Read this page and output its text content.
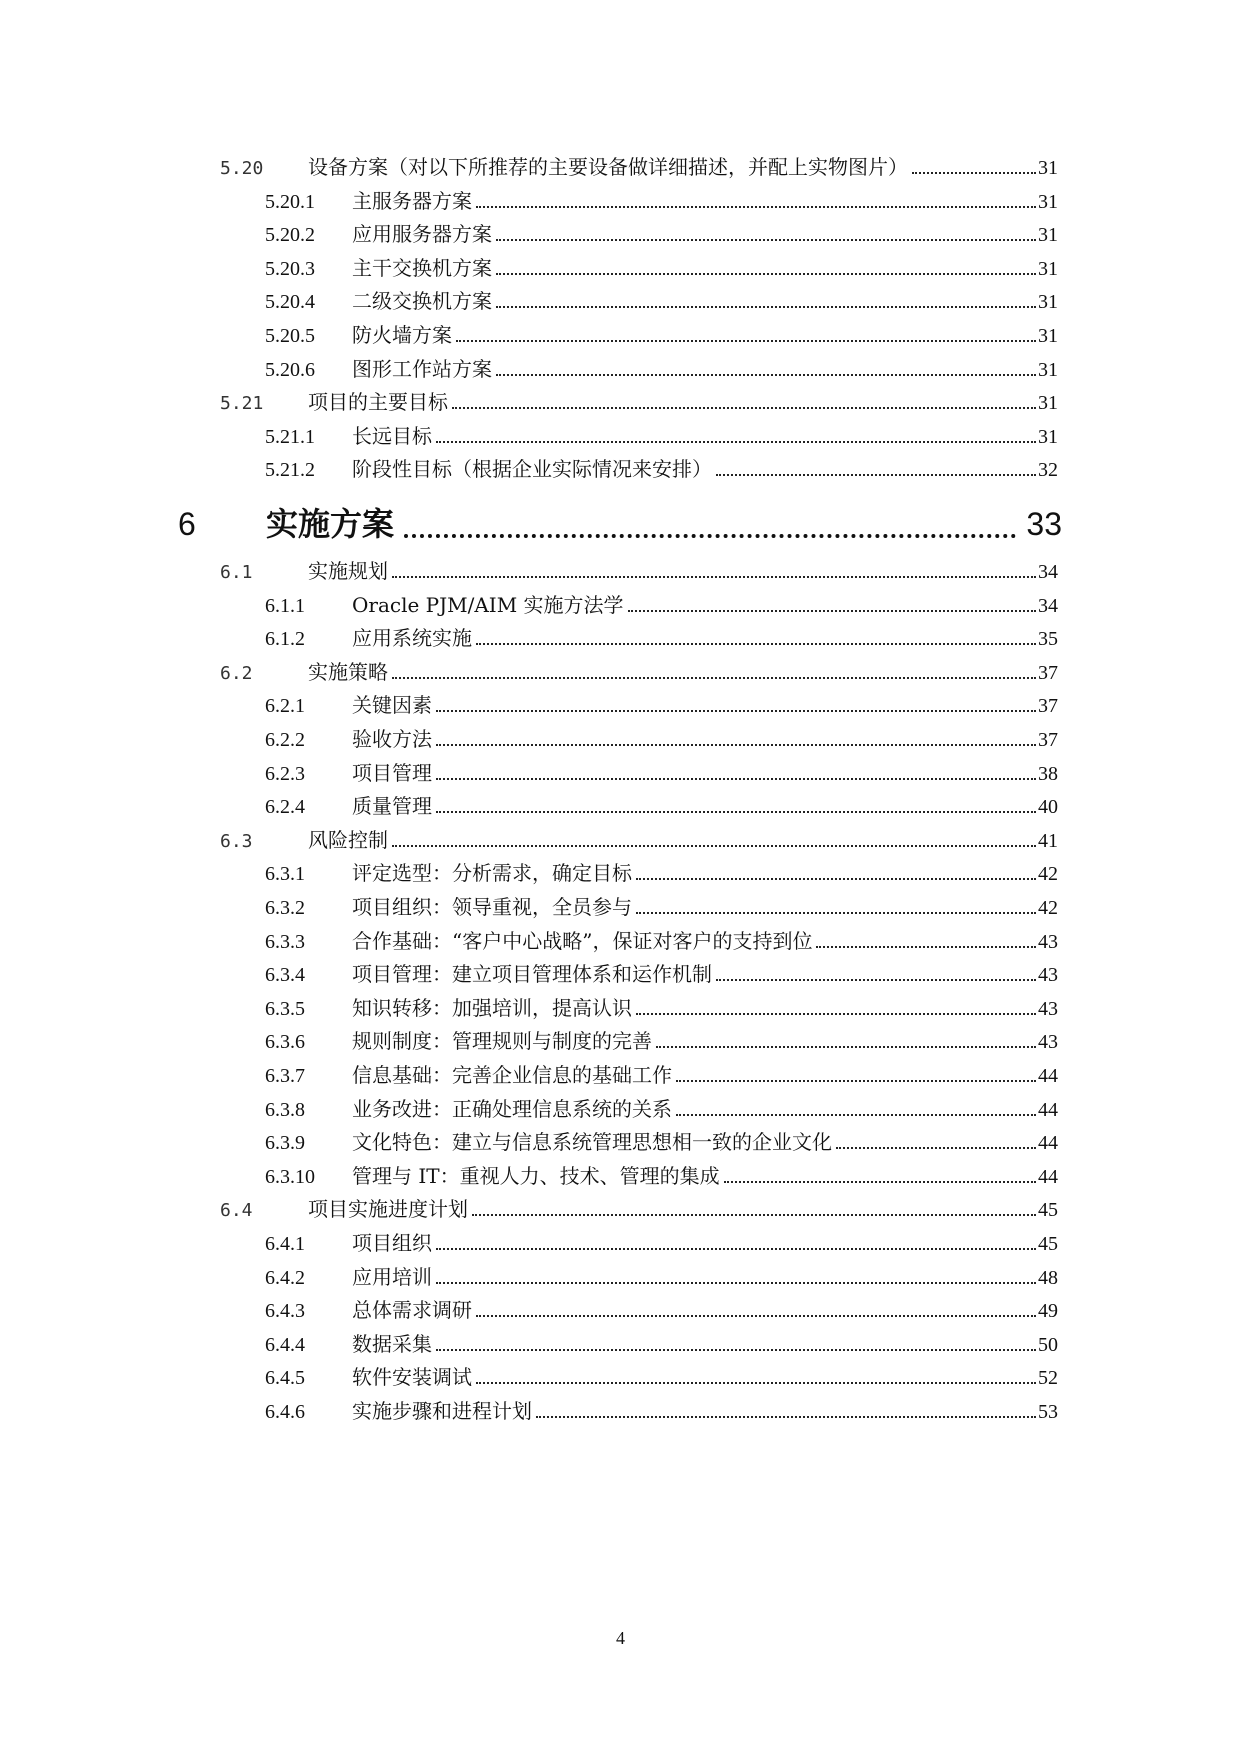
5.20	设备方案（对以下所推荐的主要设备做详细描述，并配上实物图片）	31
5.20.1	主服务器方案	31
5.20.2	应用服务器方案	31
5.20.3	主干交换机方案	31
5.20.4	二级交换机方案	31
5.20.5	防火墙方案	31
5.20.6	图形工作站方案	31
5.21	项目的主要目标	31
5.21.1	长远目标	31
5.21.2	阶段性目标（根据企业实际情况来安排）	32
6	实施方案	33
6.1	实施规划	34
6.1.1	Oracle PJM/AIM 实施方法学	34
6.1.2	应用系统实施	35
6.2	实施策略	37
6.2.1	关键因素	37
6.2.2	验收方法	37
6.2.3	项目管理	38
6.2.4	质量管理	40
6.3	风险控制	41
6.3.1	评定选型：分析需求，确定目标	42
6.3.2	项目组织：领导重视，全员参与	42
6.3.3	合作基础：“客户中心战略”，保证对客户的支持到位	43
6.3.4	项目管理：建立项目管理体系和运作机制	43
6.3.5	知识转移：加强培训，提高认识	43
6.3.6	规则制度：管理规则与制度的完善	43
6.3.7	信息基础：完善企业信息的基础工作	44
6.3.8	业务改进：正确处理信息系统的关系	44
6.3.9	文化特色：建立与信息系统管理思想相一致的企业文化	44
6.3.10	管理与 IT：重视人力、技术、管理的集成	44
6.4	项目实施进度计划	45
6.4.1	项目组织	45
6.4.2	应用培训	48
6.4.3	总体需求调研	49
6.4.4	数据采集	50
6.4.5	软件安装调试	52
6.4.6	实施步骤和进程计划	53
4
